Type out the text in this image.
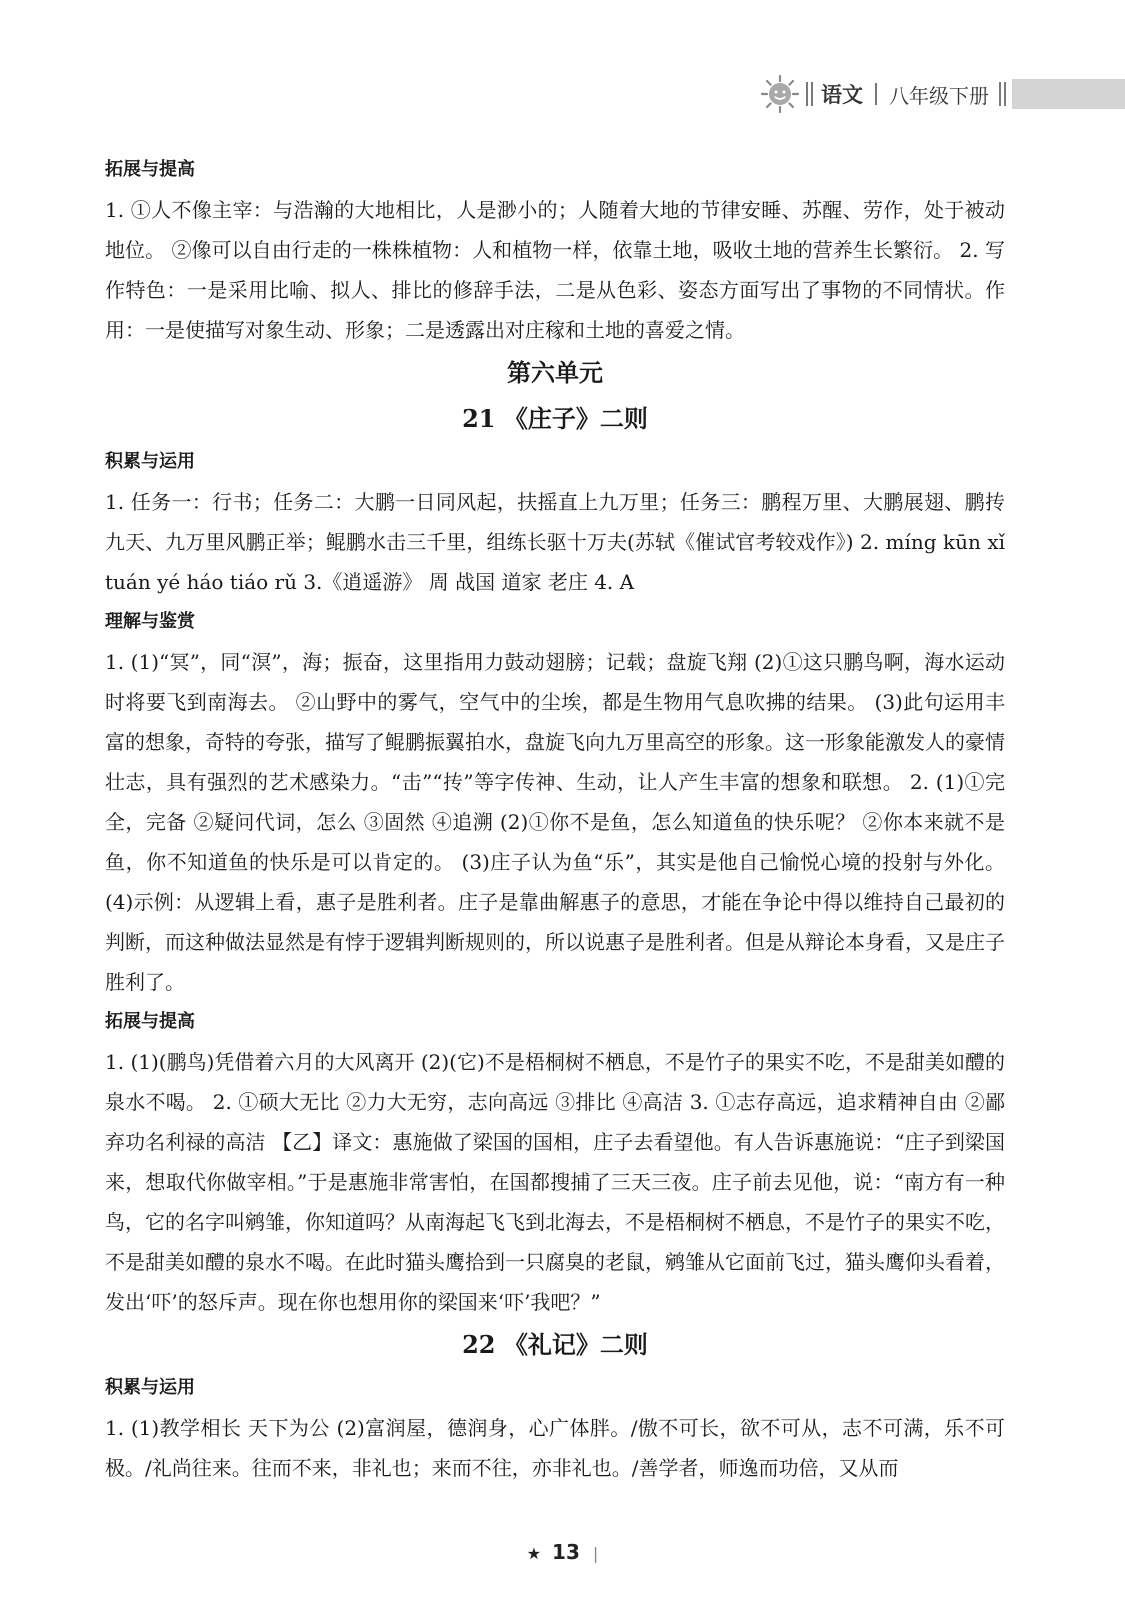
语文 八年级下册
拓展与提高

1. ①人不像主宰：与浩瀚的大地相比，人是渺小的；人随着大地的节律安睡、苏醒、劳作，处于被动地位。 ②像可以自由行走的一株株植物：人和植物一样，依靠土地，吸收土地的营养生长繁衍。 2. 写作特色：一是采用比喻、拟人、排比的修辞手法，二是从色彩、姿态方面写出了事物的不同情状。作用：一是使描写对象生动、形象；二是透露出对庄稼和土地的喜爱之情。

第六单元
21 《庄子》二则
积累与运用

1. 任务一：行书；任务二：大鹏一日同风起，扶摇直上九万里；任务三：鹏程万里、大鹏展翅、鹏抟九天、九万里风鹏正举；鲲鹏水击三千里，组练长驱十万夫(苏轼《催试官考较戏作》) 2. míng kūn xǐ tuán yé háo tiáo rǔ 3.《逍遥游》 周 战国 道家 老庄 4. A

理解与鉴赏

1. (1)“冥”，同“溟”，海；振奋，这里指用力鼓动翅膀；记载；盘旋飞翔 (2)①这只鹏鸟啊，海水运动时将要飞到南海去。 ②山野中的雾气，空气中的尘埃，都是生物用气息吹拂的结果。 (3)此句运用丰富的想象，奇特的夸张，描写了鲲鹏振翼拍水，盘旋飞向九万里高空的形象。这一形象能激发人的豪情壮志，具有强烈的艺术感染力。“击”“抟”等字传神、生动，让人产生丰富的想象和联想。 2. (1)①完全，完备 ②疑问代词，怎么 ③固然 ④追溯 (2)①你不是鱼，怎么知道鱼的快乐呢？ ②你本来就不是鱼，你不知道鱼的快乐是可以肯定的。 (3)庄子认为鱼“乐”，其实是他自己愉悦心境的投射与外化。 (4)示例：从逻辑上看，惠子是胜利者。庄子是靠曲解惠子的意思，才能在争论中得以维持自己最初的判断，而这种做法显然是有悖于逻辑判断规则的，所以说惠子是胜利者。但是从辩论本身看，又是庄子胜利了。

拓展与提高

1. (1)(鹏鸟)凭借着六月的大风离开 (2)(它)不是梧桐树不栖息，不是竹子的果实不吃，不是甜美如醴的泉水不喝。 2. ①硕大无比 ②力大无穷，志向高远 ③排比 ④高洁 3. ①志存高远，追求精神自由 ②鄙弃功名利禄的高洁 【乙】译文：惠施做了梁国的国相，庄子去看望他。有人告诉惠施说：“庄子到梁国来，想取代你做宰相。”于是惠施非常害怕，在国都搜捕了三天三夜。庄子前去见他，说：“南方有一种鸟，它的名字叫鹓雏，你知道吗？从南海起飞飞到北海去，不是梧桐树不栖息，不是竹子的果实不吃，不是甜美如醴的泉水不喝。在此时猫头鹰拾到一只腐臭的老鼠，鹓雏从它面前飞过，猫头鹰仰头看着，发出‘吓’的怒斥声。现在你也想用你的梁国来‘吓’我吧？”

22 《礼记》二则
积累与运用

1. (1)教学相长 天下为公 (2)富润屋，德润身，心广体胖。/傲不可长，欲不可从，志不可满，乐不可极。/礼尚往来。往而不来，非礼也；来而不往，亦非礼也。/善学者，师逸而功倍，又从而

★ 13 |
